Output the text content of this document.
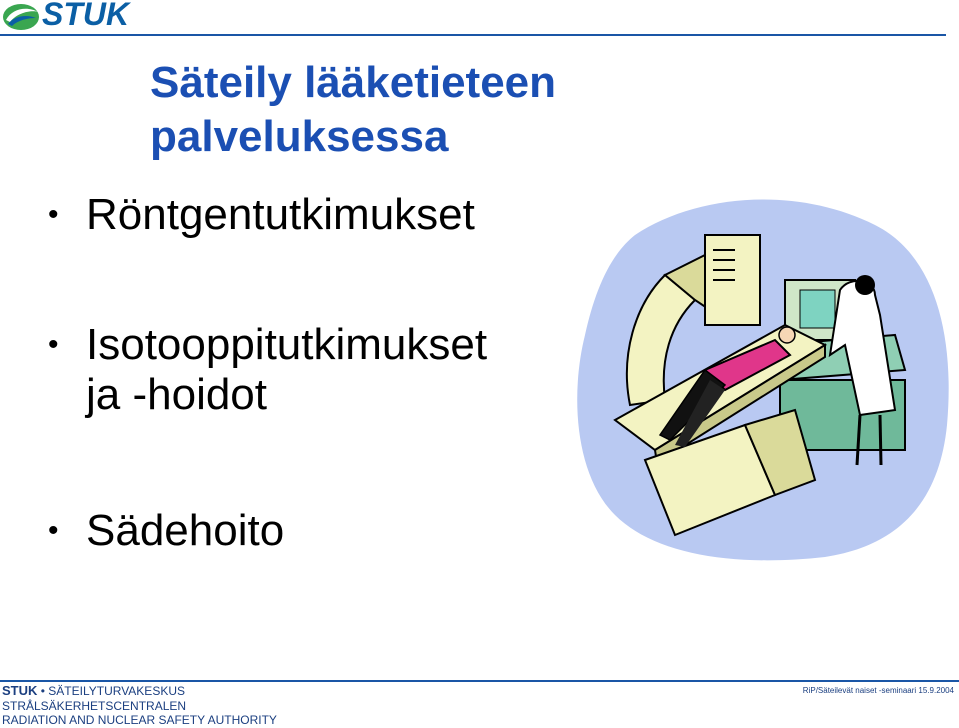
STUK
Säteily lääketieteen
palveluksessa
• Röntgentutkimukset
• Isotooppitutkimukset
ja -hoidot
• Sädehoito
STUK • SÄTEILYTURVAKESKUS
STRÅLSÄKERHETSCENTRALEN
RADIATION AND NUCLEAR SAFETY AUTHORITY
RiP/Säteilevät naiset -seminaari 15.9.2004
